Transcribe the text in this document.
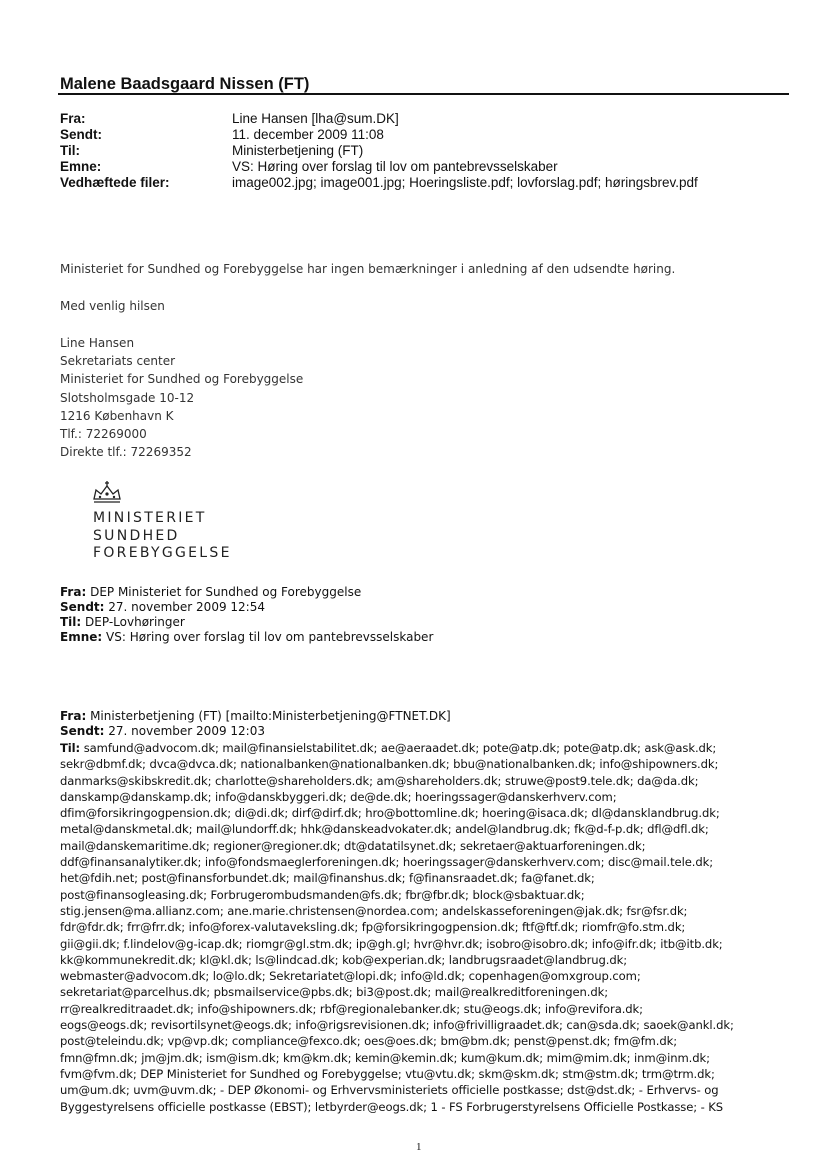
Malene Baadsgaard Nissen (FT)
Fra:	Line Hansen [lha@sum.DK]
Sendt:	11. december 2009 11:08
Til:	Ministerbetjening (FT)
Emne:	VS: Høring over forslag til lov om pantebrevsselskaber
Vedhæftede filer:	image002.jpg; image001.jpg; Hoeringsliste.pdf; lovforslag.pdf; høringsbrev.pdf
Ministeriet for Sundhed og Forebyggelse har ingen bemærkninger i anledning af den udsendte høring.
Med venlig hilsen
Line Hansen
Sekretariats center
Ministeriet for Sundhed og Forebyggelse
Slotsholmsgade 10-12
1216 København K
Tlf.: 72269000
Direkte tlf.: 72269352
MINISTERIET
SUNDHED
FOREBYGGELSE
Fra: DEP Ministeriet for Sundhed og Forebyggelse
Sendt: 27. november 2009 12:54
Til: DEP-Lovhøringer
Emne: VS: Høring over forslag til lov om pantebrevsselskaber
Fra: Ministerbetjening (FT) [mailto:Ministerbetjening@FTNET.DK]
Sendt: 27. november 2009 12:03
Til: samfund@advocom.dk; mail@finansielstabilitet.dk; ae@aeraadet.dk; pote@atp.dk; pote@atp.dk; ask@ask.dk;
sekr@dbmf.dk; dvca@dvca.dk; nationalbanken@nationalbanken.dk; bbu@nationalbanken.dk; info@shipowners.dk;
danmarks@skibskredit.dk; charlotte@shareholders.dk; am@shareholders.dk; struwe@post9.tele.dk; da@da.dk;
danskamp@danskamp.dk; info@danskbyggeri.dk; de@de.dk; hoeringssager@danskerhverv.com;
dfim@forsikringogpension.dk; di@di.dk; dirf@dirf.dk; hro@bottomline.dk; hoering@isaca.dk; dl@dansklandbrug.dk;
metal@danskmetal.dk; mail@lundorff.dk; hhk@danskeadvokater.dk; andel@landbrug.dk; fk@d-f-p.dk; dfl@dfl.dk;
mail@danskemaritime.dk; regioner@regioner.dk; dt@datatilsynet.dk; sekretaer@aktuarforeningen.dk;
ddf@finansanalytiker.dk; info@fondsmaeglerforeningen.dk; hoeringssager@danskerhverv.com; disc@mail.tele.dk;
het@fdih.net; post@finansforbundet.dk; mail@finanshus.dk; f@finansraadet.dk; fa@fanet.dk;
post@finansogleasing.dk; Forbrugerombudsmanden@fs.dk; fbr@fbr.dk; block@sbaktuar.dk;
stig.jensen@ma.allianz.com; ane.marie.christensen@nordea.com; andelskasseforeningen@jak.dk; fsr@fsr.dk;
fdr@fdr.dk; frr@frr.dk; info@forex-valutaveksling.dk; fp@forsikringogpension.dk; ftf@ftf.dk; riomfr@fo.stm.dk;
gii@gii.dk; f.lindelov@g-icap.dk; riomgr@gl.stm.dk; ip@gh.gl; hvr@hvr.dk; isobro@isobro.dk; info@ifr.dk; itb@itb.dk;
kk@kommunekredit.dk; kl@kl.dk; ls@lindcad.dk; kob@experian.dk; landbrugsraadet@landbrug.dk;
webmaster@advocom.dk; lo@lo.dk; Sekretariatet@lopi.dk; info@ld.dk; copenhagen@omxgroup.com;
sekretariat@parcelhus.dk; pbsmailservice@pbs.dk; bi3@post.dk; mail@realkreditforeningen.dk;
rr@realkreditraadet.dk; info@shipowners.dk; rbf@regionalebanker.dk; stu@eogs.dk; info@revifora.dk;
eogs@eogs.dk; revisortilsynet@eogs.dk; info@rigsrevisionen.dk; info@frivilligraadet.dk; can@sda.dk; saoek@ankl.dk;
post@teleindu.dk; vp@vp.dk; compliance@fexco.dk; oes@oes.dk; bm@bm.dk; penst@penst.dk; fm@fm.dk;
fmn@fmn.dk; jm@jm.dk; ism@ism.dk; km@km.dk; kemin@kemin.dk; kum@kum.dk; mim@mim.dk; inm@inm.dk;
fvm@fvm.dk; DEP Ministeriet for Sundhed og Forebyggelse; vtu@vtu.dk; skm@skm.dk; stm@stm.dk; trm@trm.dk;
um@um.dk; uvm@uvm.dk; - DEP Økonomi- og Erhvervsministeriets officielle postkasse; dst@dst.dk; - Erhvervs- og
Byggestyrelsens officielle postkasse (EBST); letbyrder@eogs.dk; 1 - FS Forbrugerstyrelsens Officielle Postkasse; - KS
1
